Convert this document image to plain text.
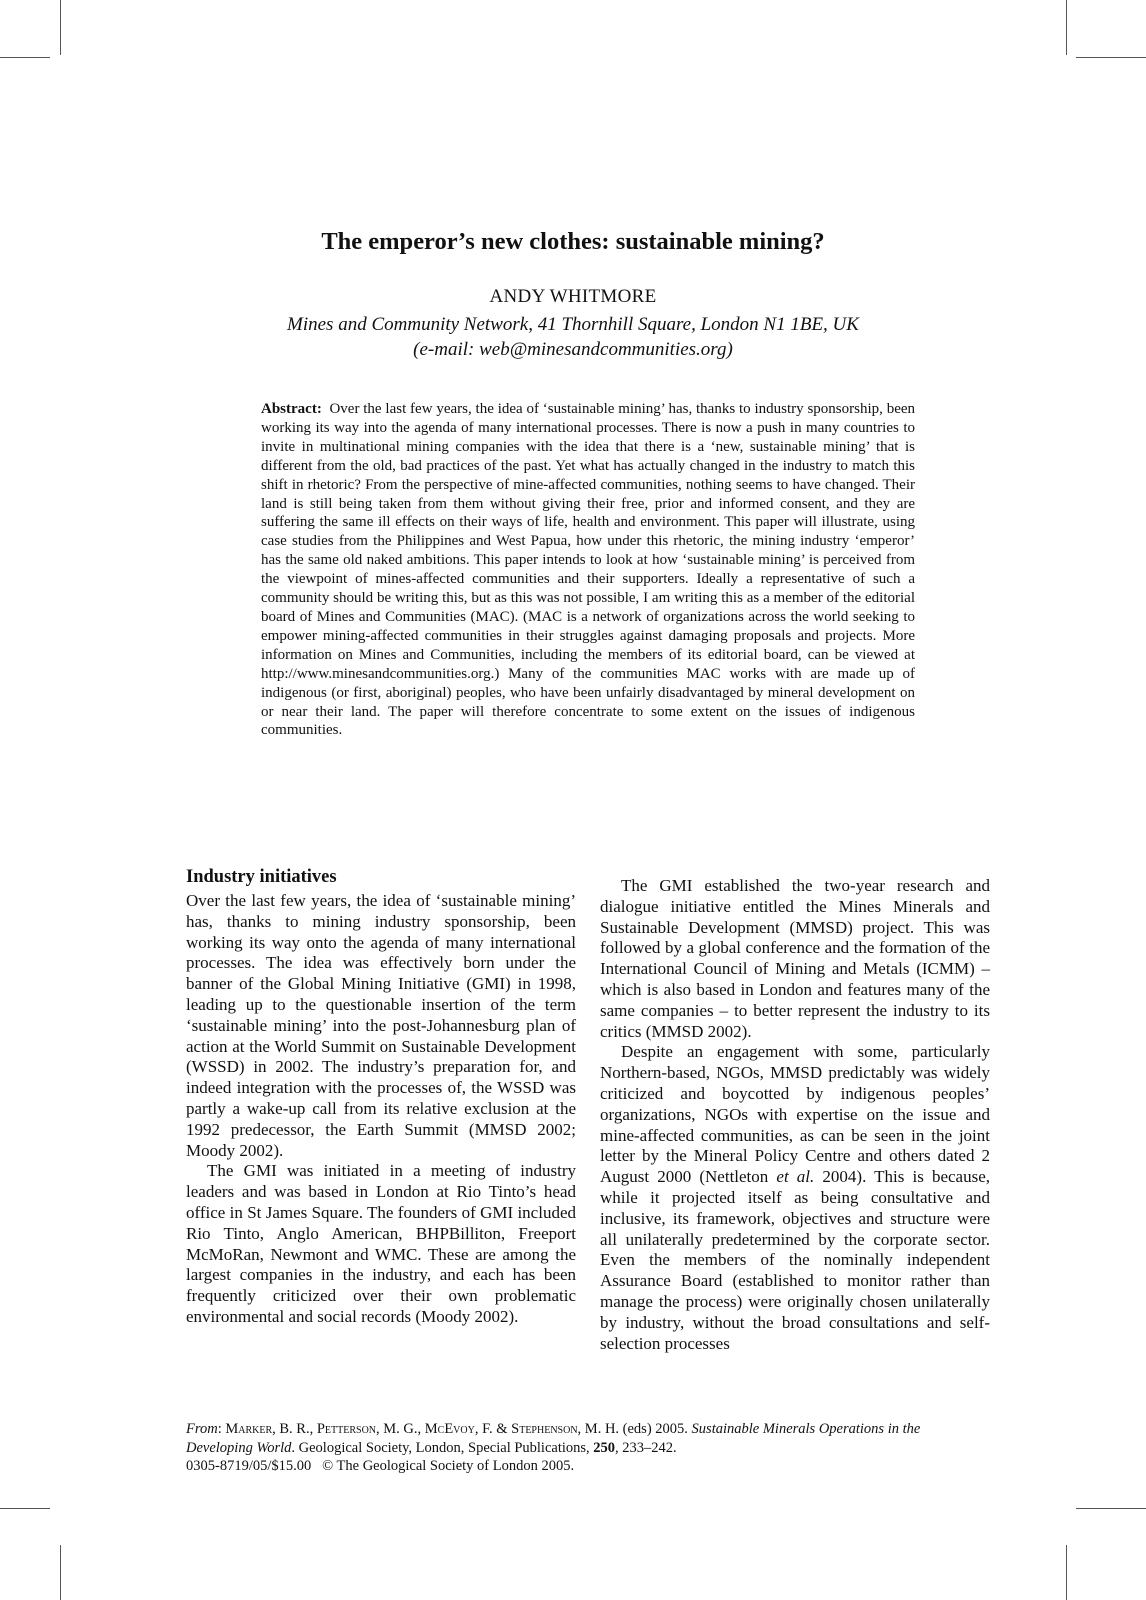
The emperor’s new clothes: sustainable mining?
ANDY WHITMORE
Mines and Community Network, 41 Thornhill Square, London N1 1BE, UK
(e-mail: web@minesandcommunities.org)
Abstract: Over the last few years, the idea of ‘sustainable mining’ has, thanks to industry sponsorship, been working its way into the agenda of many international processes. There is now a push in many countries to invite in multinational mining companies with the idea that there is a ‘new, sustainable mining’ that is different from the old, bad practices of the past. Yet what has actually changed in the industry to match this shift in rhetoric? From the perspective of mine-affected communities, nothing seems to have changed. Their land is still being taken from them without giving their free, prior and informed consent, and they are suffering the same ill effects on their ways of life, health and environment. This paper will illustrate, using case studies from the Philippines and West Papua, how under this rhetoric, the mining industry ‘emperor’ has the same old naked ambitions. This paper intends to look at how ‘sustainable mining’ is perceived from the viewpoint of mines-affected communities and their supporters. Ideally a representative of such a community should be writing this, but as this was not possible, I am writing this as a member of the editorial board of Mines and Communities (MAC). (MAC is a network of organizations across the world seeking to empower mining-affected communities in their struggles against damaging proposals and projects. More information on Mines and Communities, including the members of its editorial board, can be viewed at http://www.minesandcommunities.org.) Many of the communities MAC works with are made up of indigenous (or first, aboriginal) peoples, who have been unfairly disadvantaged by mineral development on or near their land. The paper will therefore concentrate to some extent on the issues of indigenous communities.
Industry initiatives

Over the last few years, the idea of ‘sustainable mining’ has, thanks to mining industry sponsorship, been working its way onto the agenda of many international processes. The idea was effectively born under the banner of the Global Mining Initiative (GMI) in 1998, leading up to the questionable insertion of the term ‘sustainable mining’ into the post-Johannesburg plan of action at the World Summit on Sustainable Development (WSSD) in 2002. The industry’s preparation for, and indeed integration with the processes of, the WSSD was partly a wake-up call from its relative exclusion at the 1992 predecessor, the Earth Summit (MMSD 2002; Moody 2002).

The GMI was initiated in a meeting of industry leaders and was based in London at Rio Tinto’s head office in St James Square. The founders of GMI included Rio Tinto, Anglo American, BHPBilliton, Freeport McMoRan, Newmont and WMC. These are among the largest companies in the industry, and each has been frequently criticized over their own problematic environmental and social records (Moody 2002).

The GMI established the two-year research and dialogue initiative entitled the Mines Minerals and Sustainable Development (MMSD) project. This was followed by a global conference and the formation of the International Council of Mining and Metals (ICMM) – which is also based in London and features many of the same companies – to better represent the industry to its critics (MMSD 2002).

Despite an engagement with some, particularly Northern-based, NGOs, MMSD predictably was widely criticized and boycotted by indigenous peoples’ organizations, NGOs with expertise on the issue and mine-affected communities, as can be seen in the joint letter by the Mineral Policy Centre and others dated 2 August 2000 (Nettleton et al. 2004). This is because, while it projected itself as being consultative and inclusive, its framework, objectives and structure were all unilaterally predetermined by the corporate sector. Even the members of the nominally independent Assurance Board (established to monitor rather than manage the process) were originally chosen unilaterally by industry, without the broad consultations and self-selection processes

From: Marker, B. R., Petterson, M. G., McEvoy, F. & Stephenson, M. H. (eds) 2005. Sustainable Minerals Operations in the Developing World. Geological Society, London, Special Publications, 250, 233–242.
0305-8719/05/$15.00 © The Geological Society of London 2005.
